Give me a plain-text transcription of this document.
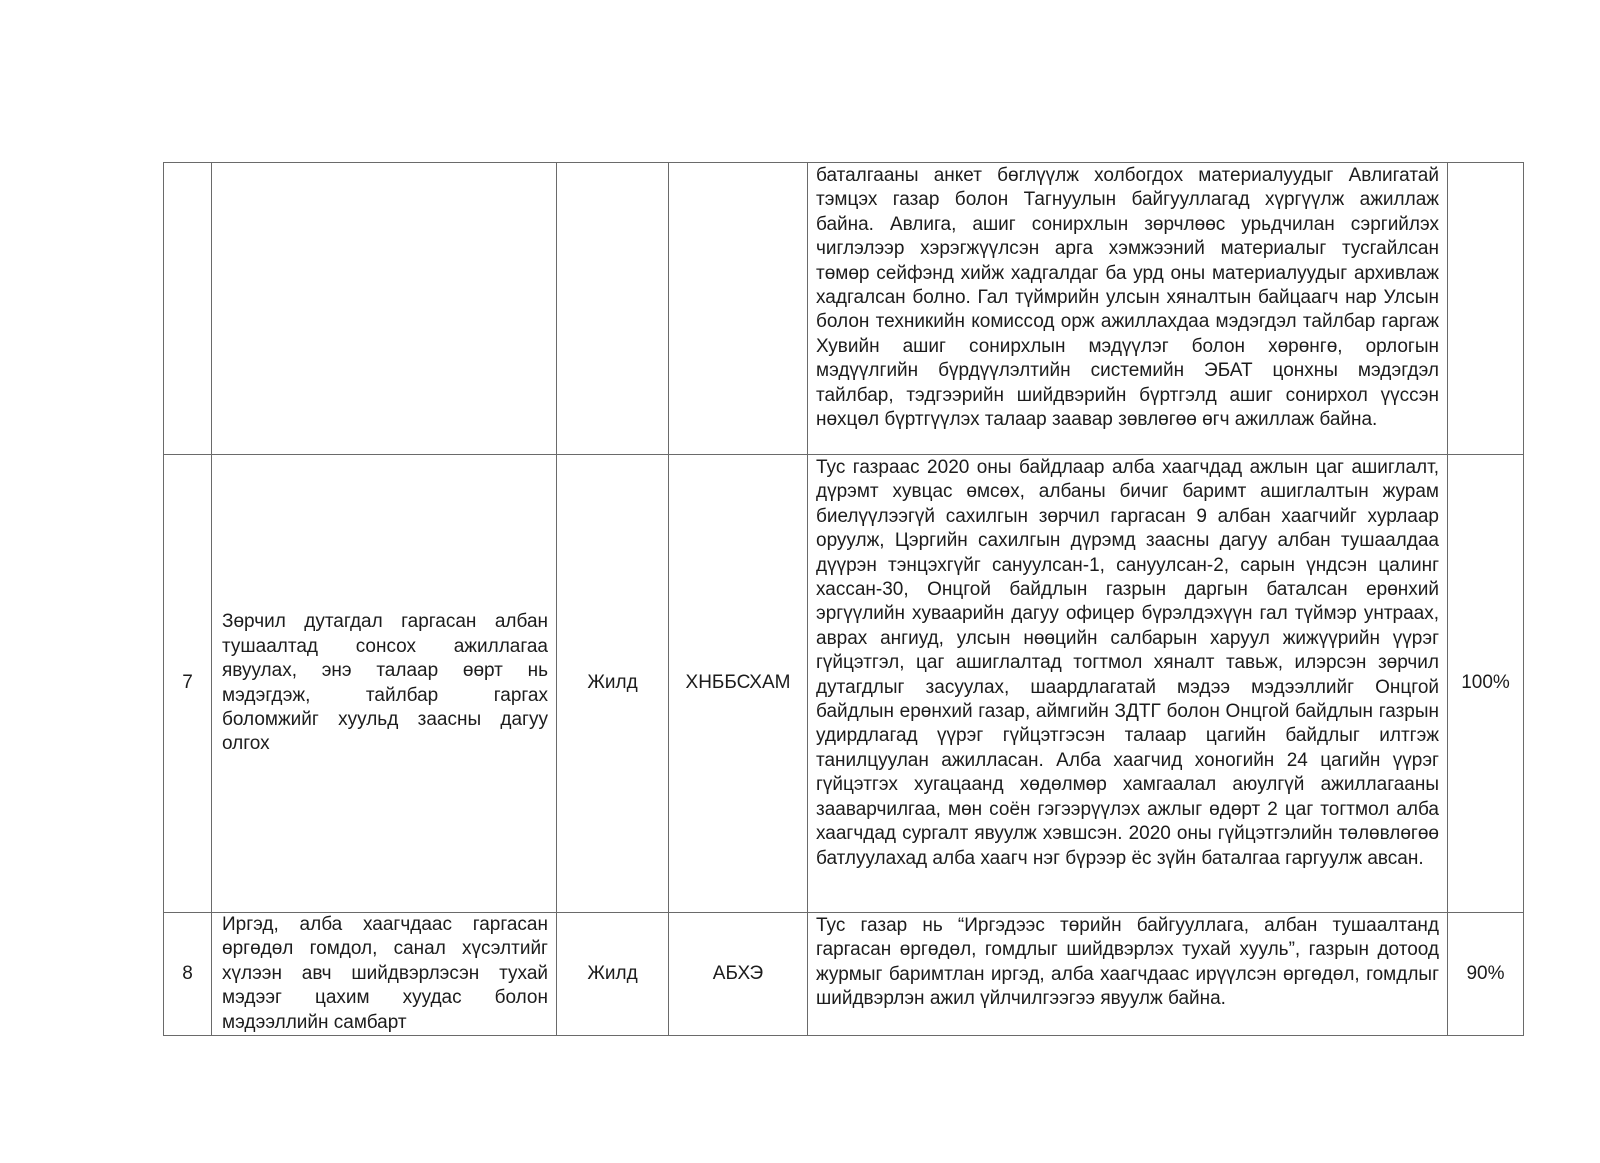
				баталгааны анкет бөглүүлж холбогдох материалуудыг Авлигатай тэмцэх газар болон Тагнуулын байгууллагад хүргүүлж ажиллаж байна. Авлига, ашиг сонирхлын зөрчлөөс урьдчилан сэргийлэх чиглэлээр хэрэгжүүлсэн арга хэмжээний материалыг тусгайлсан төмөр сейфэнд хийж хадгалдаг ба урд оны материалуудыг архивлаж хадгалсан болно. Гал түймрийн улсын хяналтын байцаагч нар Улсын болон техникийн комиссод орж ажиллахдаа мэдэгдэл тайлбар гаргаж Хувийн ашиг сонирхлын мэдүүлэг болон хөрөнгө, орлогын мэдүүлгийн бүрдүүлэлтийн системийн ЭБАТ цонхны мэдэгдэл тайлбар, тэдгээрийн шийдвэрийн бүртгэлд ашиг сонирхол үүссэн нөхцөл бүртгүүлэх талаар заавар зөвлөгөө өгч ажиллаж байна.	
7	Зөрчил дутагдал гаргасан албан тушаалтад сонсох ажиллагаа явуулах, энэ талаар өөрт нь мэдэгдэж, тайлбар гаргах боломжийг хуульд заасны дагуу олгох	Жилд	ХНББСХАМ	Тус газраас 2020 оны байдлаар алба хаагчдад ажлын цаг ашиглалт, дүрэмт хувцас өмсөх, албаны бичиг баримт ашиглалтын журам биелүүлээгүй сахилгын зөрчил гаргасан 9 албан хаагчийг хурлаар оруулж, Цэргийн сахилгын дүрэмд заасны дагуу албан тушаалдаа дүүрэн тэнцэхгүйг сануулсан-1, сануулсан-2, сарын үндсэн цалинг хассан-30, Онцгой байдлын газрын даргын баталсан ерөнхий эргүүлийн хуваарийн дагуу офицер бүрэлдэхүүн гал түймэр унтраах, аврах ангиуд, улсын нөөцийн салбарын харуул жижүүрийн үүрэг гүйцэтгэл, цаг ашиглалтад тогтмол хяналт тавьж, илэрсэн зөрчил дутагдлыг засуулах, шаардлагатай мэдээ мэдээллийг Онцгой байдлын ерөнхий газар, аймгийн ЗДТГ болон Онцгой байдлын газрын удирдлагад үүрэг гүйцэтгэсэн талаар цагийн байдлыг илтгэж танилцуулан ажилласан. Алба хаагчид хоногийн 24 цагийн үүрэг гүйцэтгэх хугацаанд хөдөлмөр хамгаалал аюулгүй ажиллагааны зааварчилгаа, мөн соён гэгээрүүлэх ажлыг өдөрт 2 цаг тогтмол алба хаагчдад сургалт явуулж хэвшсэн. 2020 оны гүйцэтгэлийн төлөвлөгөө батлуулахад алба хаагч нэг бүрээр ёс зүйн баталгаа гаргуулж авсан.	100%
8	Иргэд, алба хаагчдаас гаргасан өргөдөл гомдол, санал хүсэлтийг хүлээн авч шийдвэрлэсэн тухай мэдээг цахим хуудас болон мэдээллийн самбарт	Жилд	АБХЭ	Тус газар нь “Иргэдээс төрийн байгууллага, албан тушаалтанд гаргасан өргөдөл, гомдлыг шийдвэрлэх тухай хууль”, газрын дотоод журмыг баримтлан иргэд, алба хаагчдаас ирүүлсэн өргөдөл, гомдлыг шийдвэрлэн ажил үйлчилгээгээ явуулж байна.	90%
